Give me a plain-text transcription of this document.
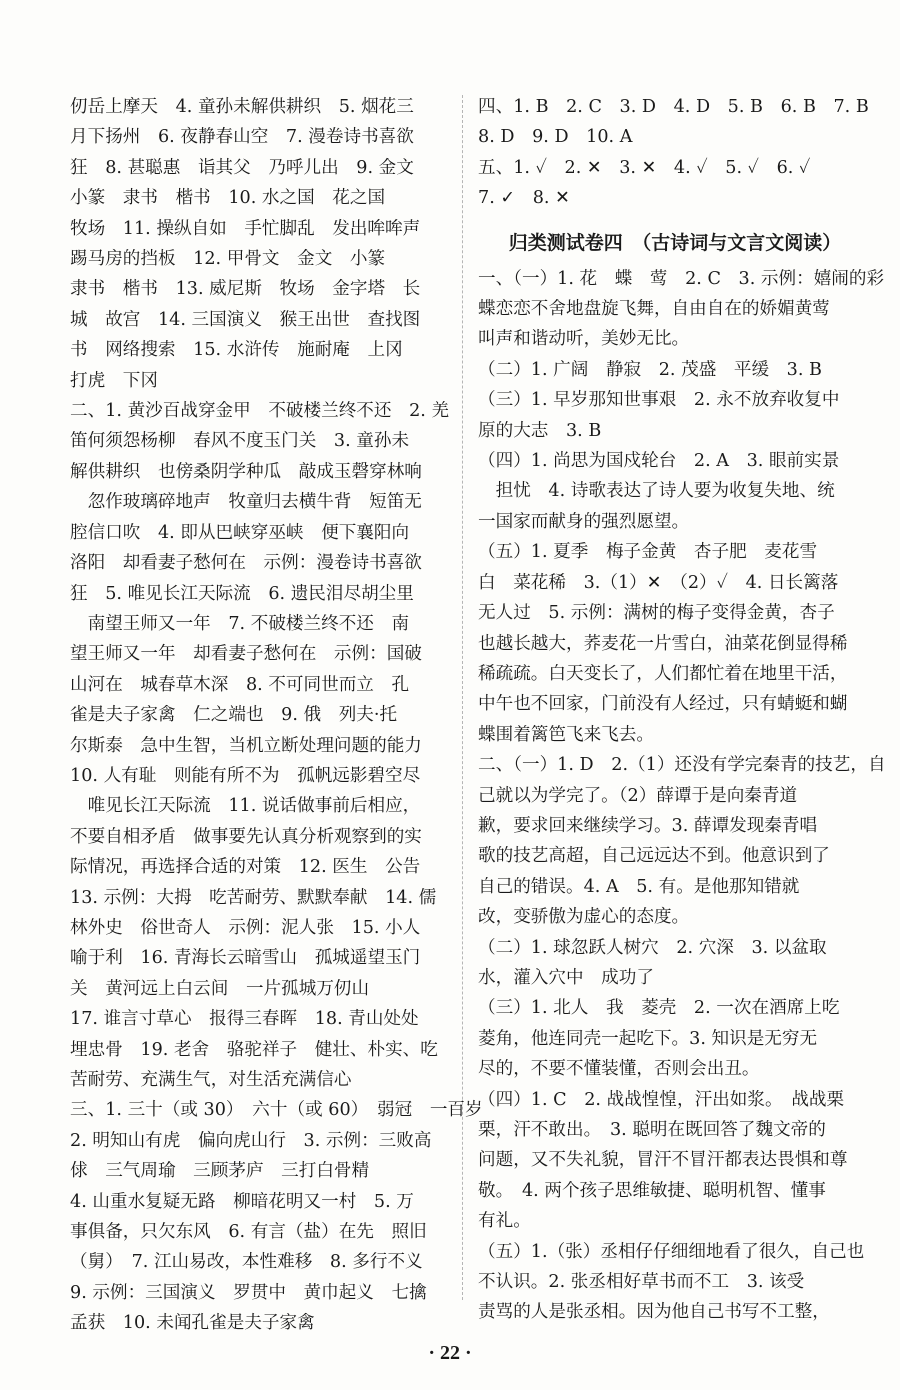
仞岳上摩天　4. 童孙未解供耕织　5. 烟花三
月下扬州　6. 夜静春山空　7. 漫卷诗书喜欲
狂　8. 甚聪惠　诣其父　乃呼儿出　9. 金文
小篆　隶书　楷书　10. 水之国　花之国
牧场　11. 操纵自如　手忙脚乱　发出哞哞声
踢马房的挡板　12. 甲骨文　金文　小篆
隶书　楷书　13. 威尼斯　牧场　金字塔　长
城　故宫　14. 三国演义　猴王出世　查找图
书　网络搜索　15. 水浒传　施耐庵　上冈
打虎　下冈
二、1. 黄沙百战穿金甲　不破楼兰终不还　2. 羌
笛何须怨杨柳　春风不度玉门关　3. 童孙未
解供耕织　也傍桑阴学种瓜　敲成玉磬穿林响
　忽作玻璃碎地声　牧童归去横牛背　短笛无
腔信口吹　4. 即从巴峡穿巫峡　便下襄阳向
洛阳　却看妻子愁何在　示例：漫卷诗书喜欲
狂　5. 唯见长江天际流　6. 遗民泪尽胡尘里
　南望王师又一年　7. 不破楼兰终不还　南
望王师又一年　却看妻子愁何在　示例：国破
山河在　城春草木深　8. 不可同世而立　孔
雀是夫子家禽　仁之端也　9. 俄　列夫·托
尔斯泰　急中生智，当机立断处理问题的能力
10. 人有耻　则能有所不为　孤帆远影碧空尽
　唯见长江天际流　11. 说话做事前后相应，
不要自相矛盾　做事要先认真分析观察到的实
际情况，再选择合适的对策　12. 医生　公告
13. 示例：大拇　吃苦耐劳、默默奉献　14. 儒
林外史　俗世奇人　示例：泥人张　15. 小人
喻于利　16. 青海长云暗雪山　孤城遥望玉门
关　黄河远上白云间　一片孤城万仞山
17. 谁言寸草心　报得三春晖　18. 青山处处
埋忠骨　19. 老舍　骆驼祥子　健壮、朴实、吃
苦耐劳、充满生气，对生活充满信心
三、1. 三十（或 30）　六十（或 60）　弱冠　一百岁
2. 明知山有虎　偏向虎山行　3. 示例：三败高
俅　三气周瑜　三顾茅庐　三打白骨精
4. 山重水复疑无路　柳暗花明又一村　5. 万
事俱备，只欠东风　6. 有言（盐）在先　照旧
（舅）　7. 江山易改，本性难移　8. 多行不义
9. 示例：三国演义　罗贯中　黄巾起义　七擒
孟获　10. 未闻孔雀是夫子家禽
四、1. B　2. C　3. D　4. D　5. B　6. B　7. B
8. D　9. D　10. A
五、1. ✓　2. ✕　3. ✕　4. ✓　5. ✓　6. ✓
7. ✓　8. ✕
归类测试卷四　（古诗词与文言文阅读）
一、（一）1. 花　蝶　莺　2. C　3. 示例：嬉闹的彩
蝶恋恋不舍地盘旋飞舞，自由自在的娇媚黄莺
叫声和谐动听，美妙无比。
（二）1. 广阔　静寂　2. 茂盛　平缓　3. B
（三）1. 早岁那知世事艰　2. 永不放弃收复中
原的大志　3. B
（四）1. 尚思为国戍轮台　2. A　3. 眼前实景
　担忧　4. 诗歌表达了诗人要为收复失地、统
一国家而献身的强烈愿望。
（五）1. 夏季　梅子金黄　杏子肥　麦花雪
白　菜花稀　3.（1）✕　（2）✓　4. 日长篱落
无人过　5. 示例：满树的梅子变得金黄，杏子
也越长越大，荞麦花一片雪白，油菜花倒显得稀
稀疏疏。白天变长了，人们都忙着在地里干活，
中午也不回家，门前没有人经过，只有蜻蜓和蝴
蝶围着篱笆飞来飞去。
二、（一）1. D　2.（1）还没有学完秦青的技艺，自
己就以为学完了。（2）薛谭于是向秦青道
歉，要求回来继续学习。3. 薛谭发现秦青唱
歌的技艺高超，自己远远达不到。他意识到了
自己的错误。4. A　5. 有。是他那知错就
改，变骄傲为虚心的态度。
（二）1. 球忽跃人树穴　2. 穴深　3. 以盆取
水，灌入穴中　成功了
（三）1. 北人　我　菱壳　2. 一次在酒席上吃
菱角，他连同壳一起吃下。3. 知识是无穷无
尽的，不要不懂装懂，否则会出丑。
（四）1. C　2. 战战惶惶，汗出如浆。　战战栗
栗，汗不敢出。　3. 聪明在既回答了魏文帝的
问题，又不失礼貌，冒汗不冒汗都表达畏惧和尊
敬。　4. 两个孩子思维敏捷、聪明机智、懂事
有礼。
（五）1.（张）丞相仔仔细细地看了很久，自己也
不认识。2. 张丞相好草书而不工　3. 该受
责骂的人是张丞相。因为他自己书写不工整，
· 22 ·
